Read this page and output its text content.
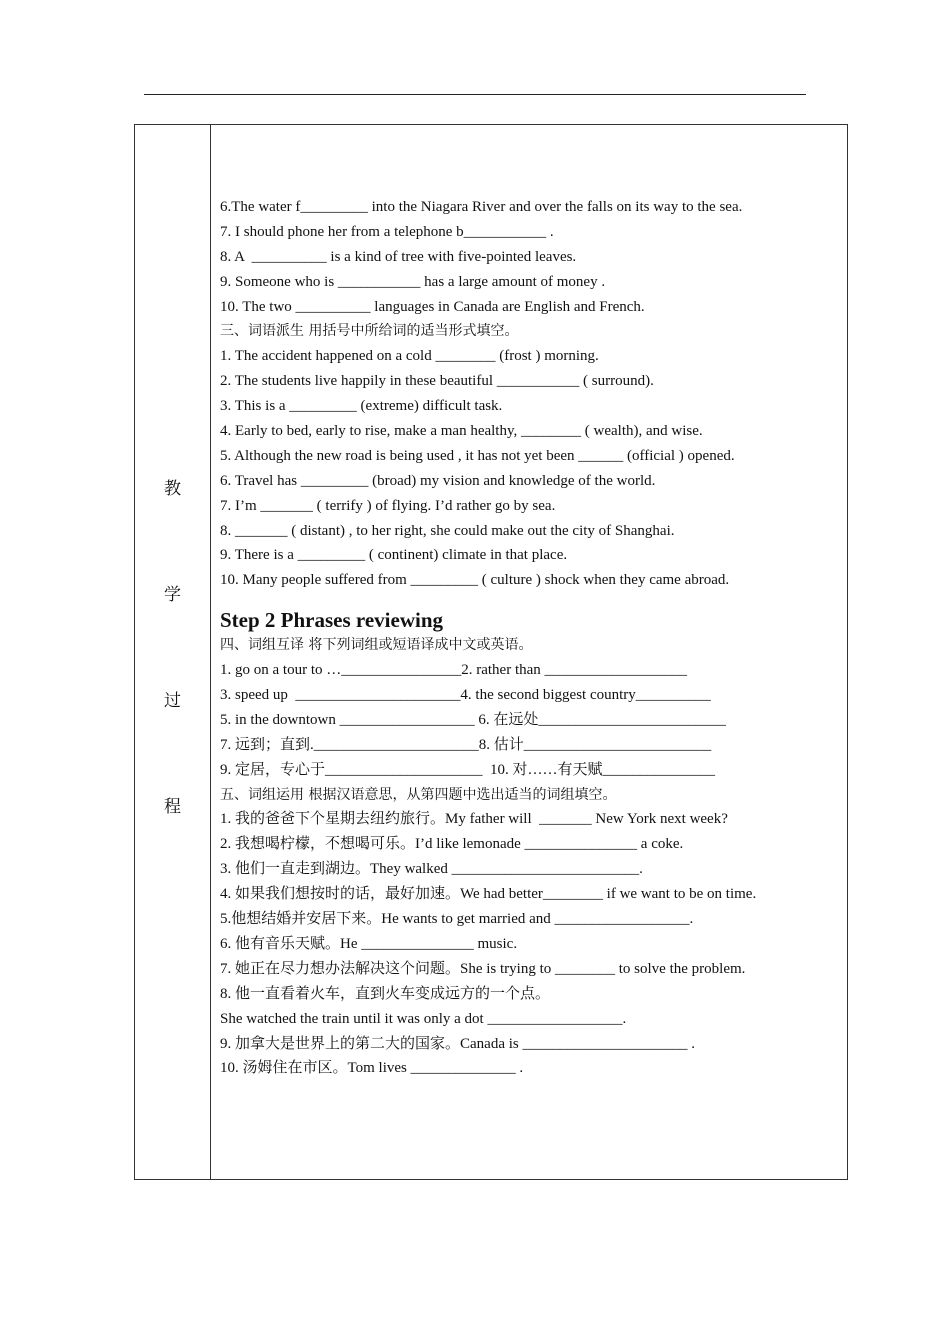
教
学
过
程
6.The water f_________ into the Niagara River and over the falls on its way to the sea.
7. I should phone her from a telephone b___________ .
8. A  __________ is a kind of tree with five-pointed leaves.
9. Someone who is ___________ has a large amount of money .
10. The two __________ languages in Canada are English and French.
三、词语派生 用括号中所给词的适当形式填空。
1. The accident happened on a cold ________ (frost ) morning.
2. The students live happily in these beautiful ___________ ( surround).
3. This is a _________ (extreme) difficult task.
4. Early to bed, early to rise, make a man healthy, ________ ( wealth), and wise.
5. Although the new road is being used , it has not yet been ______ (official ) opened.
6. Travel has _________ (broad) my vision and knowledge of the world.
7. I’m _______ ( terrify ) of flying. I’d rather go by sea.
8. _______ ( distant) , to her right, she could make out the city of Shanghai.
9. There is a _________ ( continent) climate in that place.
10. Many people suffered from _________ ( culture ) shock when they came abroad.
Step 2 Phrases reviewing
四、词组互译 将下列词组或短语译成中文或英语。
1. go on a tour to …________________2. rather than ___________________
3. speed up  ______________________4. the second biggest country__________
5. in the downtown __________________ 6. 在远处_________________________
7. 远到；直到.______________________8. 估计_________________________
9. 定居，专心于_____________________  10. 对……有天赋_______________
五、词组运用 根据汉语意思，从第四题中选出适当的词组填空。
1. 我的爸爸下个星期去纽约旅行。My father will  _______ New York next week?
2. 我想喝柠檬，不想喝可乐。I’d like lemonade _______________ a coke.
3. 他们一直走到湖边。They walked _________________________.
4. 如果我们想按时的话，最好加速。We had better________ if we want to be on time.
5.他想结婚并安居下来。He wants to get married and __________________.
6. 他有音乐天赋。He _______________ music.
7. 她正在尽力想办法解决这个问题。She is trying to ________ to solve the problem.
8. 他一直看着火车，直到火车变成远方的一个点。
She watched the train until it was only a dot __________________.
9. 加拿大是世界上的第二大的国家。Canada is ______________________ .
10. 汤姆住在市区。Tom lives ______________ .
